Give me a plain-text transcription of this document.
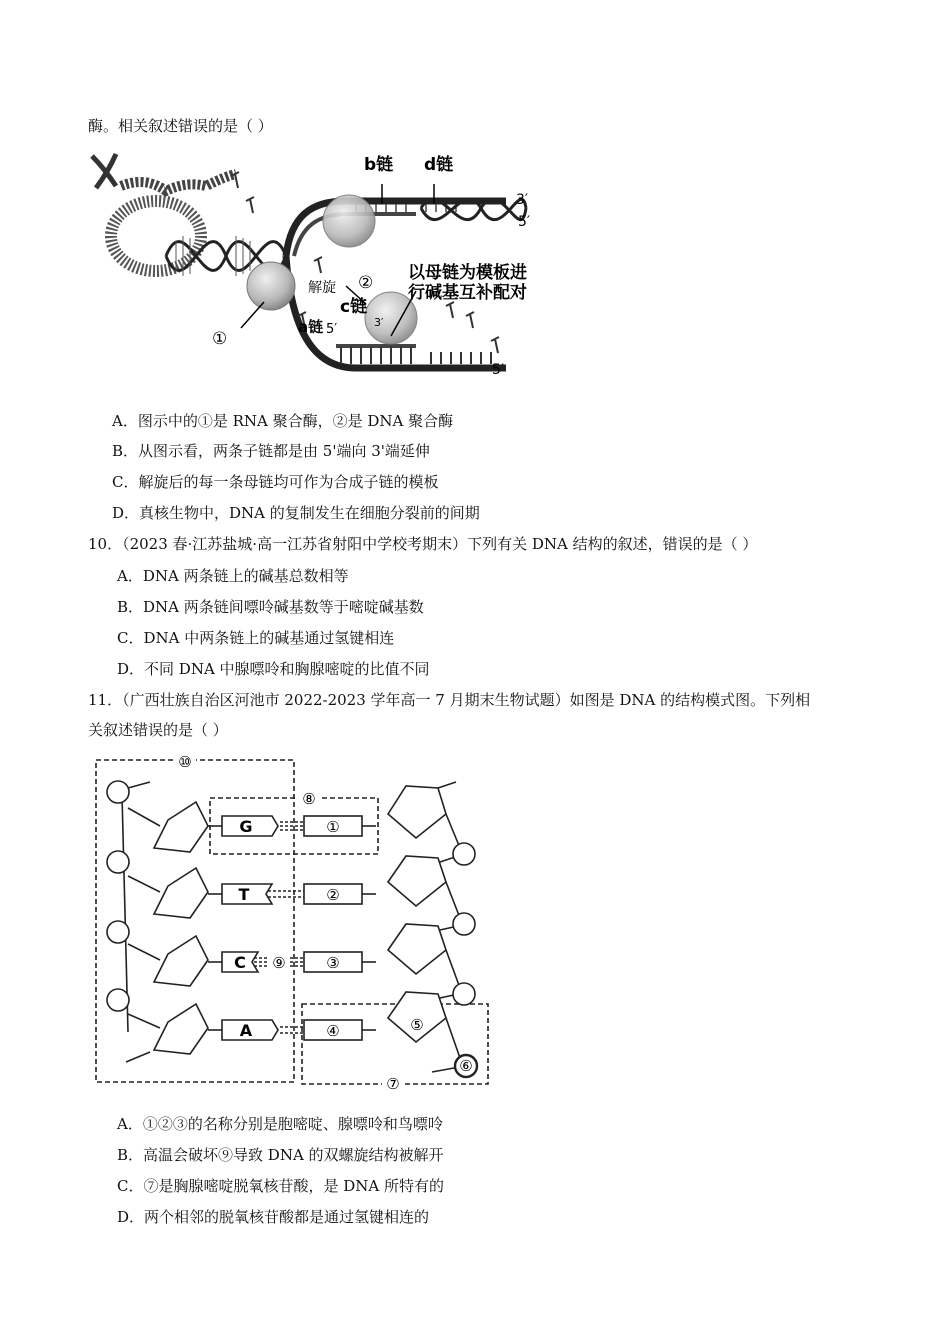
酶。相关叙述错误的是（ ）
b链 d链
3′
5′
② 以母链为模板进
行碱基互补配对
解旋
c链
a链 5′	3′
①
5′
A．图示中的①是 RNA 聚合酶，②是 DNA 聚合酶
B．从图示看，两条子链都是由 5'端向 3'端延伸
C．解旋后的每一条母链均可作为合成子链的模板
D．真核生物中，DNA 的复制发生在细胞分裂前的间期
10．（2023 春·江苏盐城·高一江苏省射阳中学校考期末）下列有关 DNA 结构的叙述，错误的是（ ）
A．DNA 两条链上的碱基总数相等
B．DNA 两条链间嘌呤碱基数等于嘧啶碱基数
C．DNA 中两条链上的碱基通过氢键相连
D．不同 DNA 中腺嘌呤和胸腺嘧啶的比值不同
11．（广西壮族自治区河池市 2022-2023 学年高一 7 月期末生物试题）如图是 DNA 的结构模式图。下列相
关叙述错误的是（ ）
⑩
⑧
G
T
C ⑨
A
①
②
③
④	⑤
⑥
⑦
A．①②③的名称分别是胞嘧啶、腺嘌呤和鸟嘌呤
B．高温会破坏⑨导致 DNA 的双螺旋结构被解开
C．⑦是胸腺嘧啶脱氧核苷酸，是 DNA 所特有的
D．两个相邻的脱氧核苷酸都是通过氢键相连的
